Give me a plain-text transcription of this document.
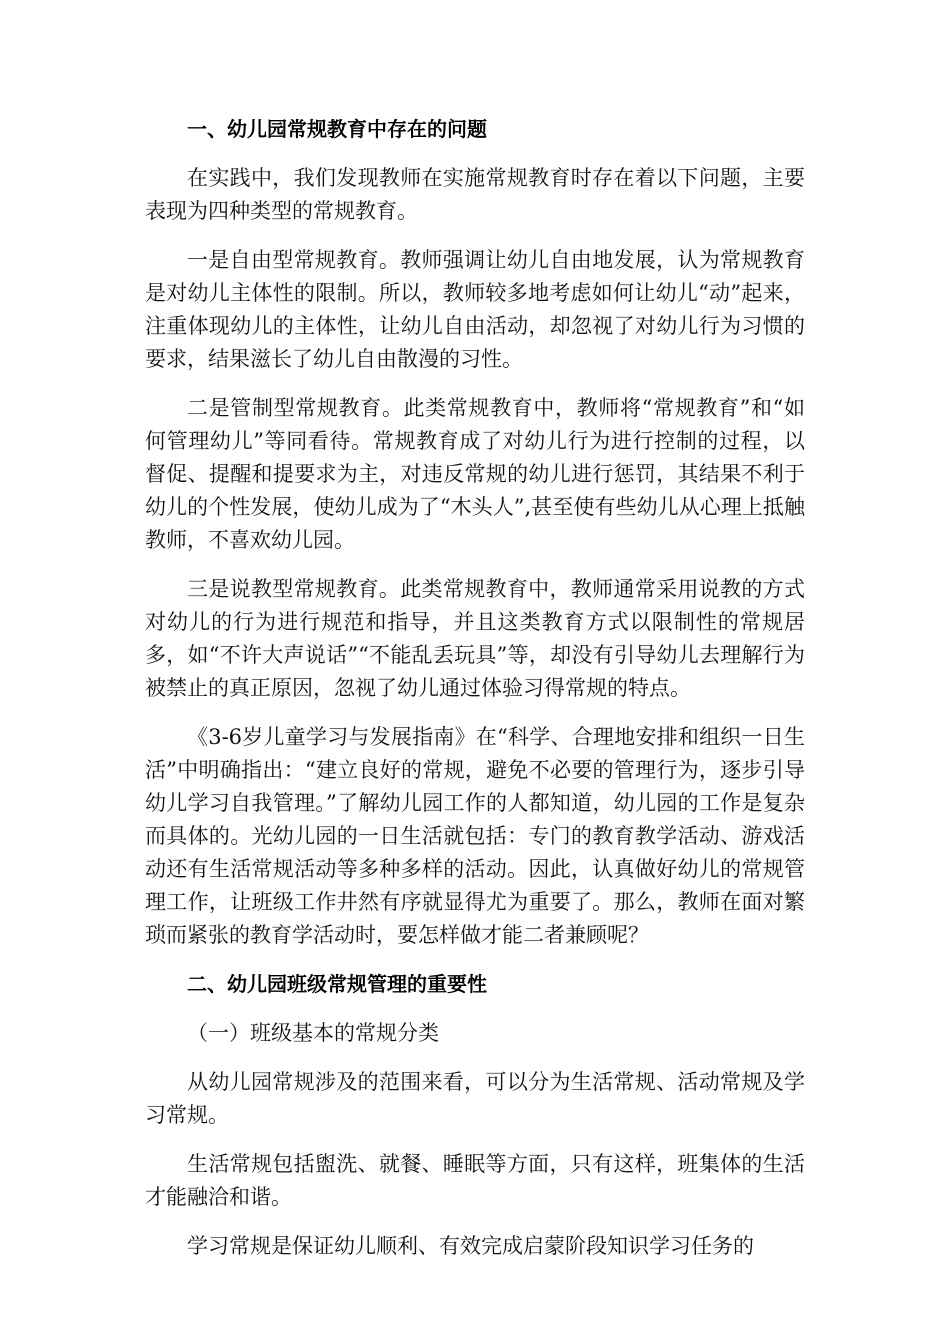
一、幼儿园常规教育中存在的问题

在实践中，我们发现教师在实施常规教育时存在着以下问题，主要表现为四种类型的常规教育。

一是自由型常规教育。教师强调让幼儿自由地发展，认为常规教育是对幼儿主体性的限制。所以，教师较多地考虑如何让幼儿“动”起来，注重体现幼儿的主体性，让幼儿自由活动，却忽视了对幼儿行为习惯的要求，结果滋长了幼儿自由散漫的习性。

二是管制型常规教育。此类常规教育中，教师将“常规教育”和“如何管理幼儿”等同看待。常规教育成了对幼儿行为进行控制的过程，以督促、提醒和提要求为主，对违反常规的幼儿进行惩罚，其结果不利于幼儿的个性发展，使幼儿成为了“木头人”,甚至使有些幼儿从心理上抵触教师，不喜欢幼儿园。

三是说教型常规教育。此类常规教育中，教师通常采用说教的方式对幼儿的行为进行规范和指导，并且这类教育方式以限制性的常规居多，如“不许大声说话”“不能乱丢玩具”等，却没有引导幼儿去理解行为被禁止的真正原因，忽视了幼儿通过体验习得常规的特点。

《3-6岁儿童学习与发展指南》在“科学、合理地安排和组织一日生活”中明确指出：“建立良好的常规，避免不必要的管理行为，逐步引导幼儿学习自我管理。”了解幼儿园工作的人都知道，幼儿园的工作是复杂而具体的。光幼儿园的一日生活就包括：专门的教育教学活动、游戏活动还有生活常规活动等多种多样的活动。因此，认真做好幼儿的常规管理工作，让班级工作井然有序就显得尤为重要了。那么，教师在面对繁琐而紧张的教育学活动时，要怎样做才能二者兼顾呢？

二、幼儿园班级常规管理的重要性

（一）班级基本的常规分类

从幼儿园常规涉及的范围来看，可以分为生活常规、活动常规及学习常规。

生活常规包括盥洗、就餐、睡眠等方面，只有这样，班集体的生活才能融洽和谐。

学习常规是保证幼儿顺利、有效完成启蒙阶段知识学习任务的
